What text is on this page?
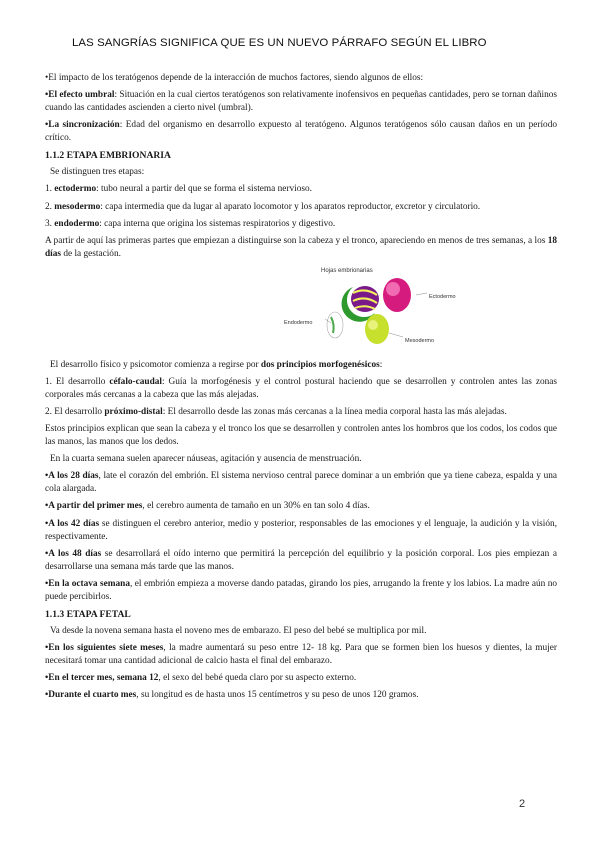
LAS SANGRÍAS SIGNIFICA QUE ES UN NUEVO PÁRRAFO SEGÚN EL LIBRO

•El impacto de los teratógenos depende de la interacción de muchos factores, siendo algunos de ellos:

•El efecto umbral: Situación en la cual ciertos teratógenos son relativamente inofensivos en pequeñas cantidades, pero se tornan dañinos cuando las cantidades ascienden a cierto nivel (umbral).

•La sincronización: Edad del organismo en desarrollo expuesto al teratógeno. Algunos teratógenos sólo causan daños en un período crítico.

1.1.2 ETAPA EMBRIONARIA

Se distinguen tres etapas:

1. ectodermo: tubo neural a partir del que se forma el sistema nervioso.

2. mesodermo: capa intermedia que da lugar al aparato locomotor y los aparatos reproductor, excretor y circulatorio.

3. endodermo: capa interna que origina los sistemas respiratorios y digestivo.

A partir de aquí las primeras partes que empiezan a distinguirse son la cabeza y el tronco, apareciendo en menos de tres semanas, a los 18 días de la gestación.

Hojas embrionarias
Ectodermo
Endodermo
Mesodermo

El desarrollo físico y psicomotor comienza a regirse por dos principios morfogenésicos:

1. El desarrollo céfalo-caudal: Guía la morfogénesis y el control postural haciendo que se desarrollen y controlen antes las zonas corporales más cercanas a la cabeza que las más alejadas.

2. El desarrollo próximo-distal: El desarrollo desde las zonas más cercanas a la línea media corporal hasta las más alejadas.

Estos principios explican que sean la cabeza y el tronco los que se desarrollen y controlen antes los hombros que los codos, los codos que las manos, las manos que los dedos.

En la cuarta semana suelen aparecer náuseas, agitación y ausencia de menstruación.

•A los 28 días, late el corazón del embrión. El sistema nervioso central parece dominar a un embrión que ya tiene cabeza, espalda y una cola alargada.

•A partir del primer mes, el cerebro aumenta de tamaño en un 30% en tan solo 4 días.

•A los 42 días se distinguen el cerebro anterior, medio y posterior, responsables de las emociones y el lenguaje, la audición y la visión, respectivamente.

•A los 48 días se desarrollará el oído interno que permitirá la percepción del equilibrio y la posición corporal. Los pies empiezan a desarrollarse una semana más tarde que las manos.

•En la octava semana, el embrión empieza a moverse dando patadas, girando los pies, arrugando la frente y los labios. La madre aún no puede percibirlos.

1.1.3 ETAPA FETAL

Va desde la novena semana hasta el noveno mes de embarazo. El peso del bebé se multiplica por mil.

•En los siguientes siete meses, la madre aumentará su peso entre 12- 18 kg. Para que se formen bien los huesos y dientes, la mujer necesitará tomar una cantidad adicional de calcio hasta el final del embarazo.

•En el tercer mes, semana 12, el sexo del bebé queda claro por su aspecto externo.

•Durante el cuarto mes, su longitud es de hasta unos 15 centímetros y su peso de unos 120 gramos.

2
